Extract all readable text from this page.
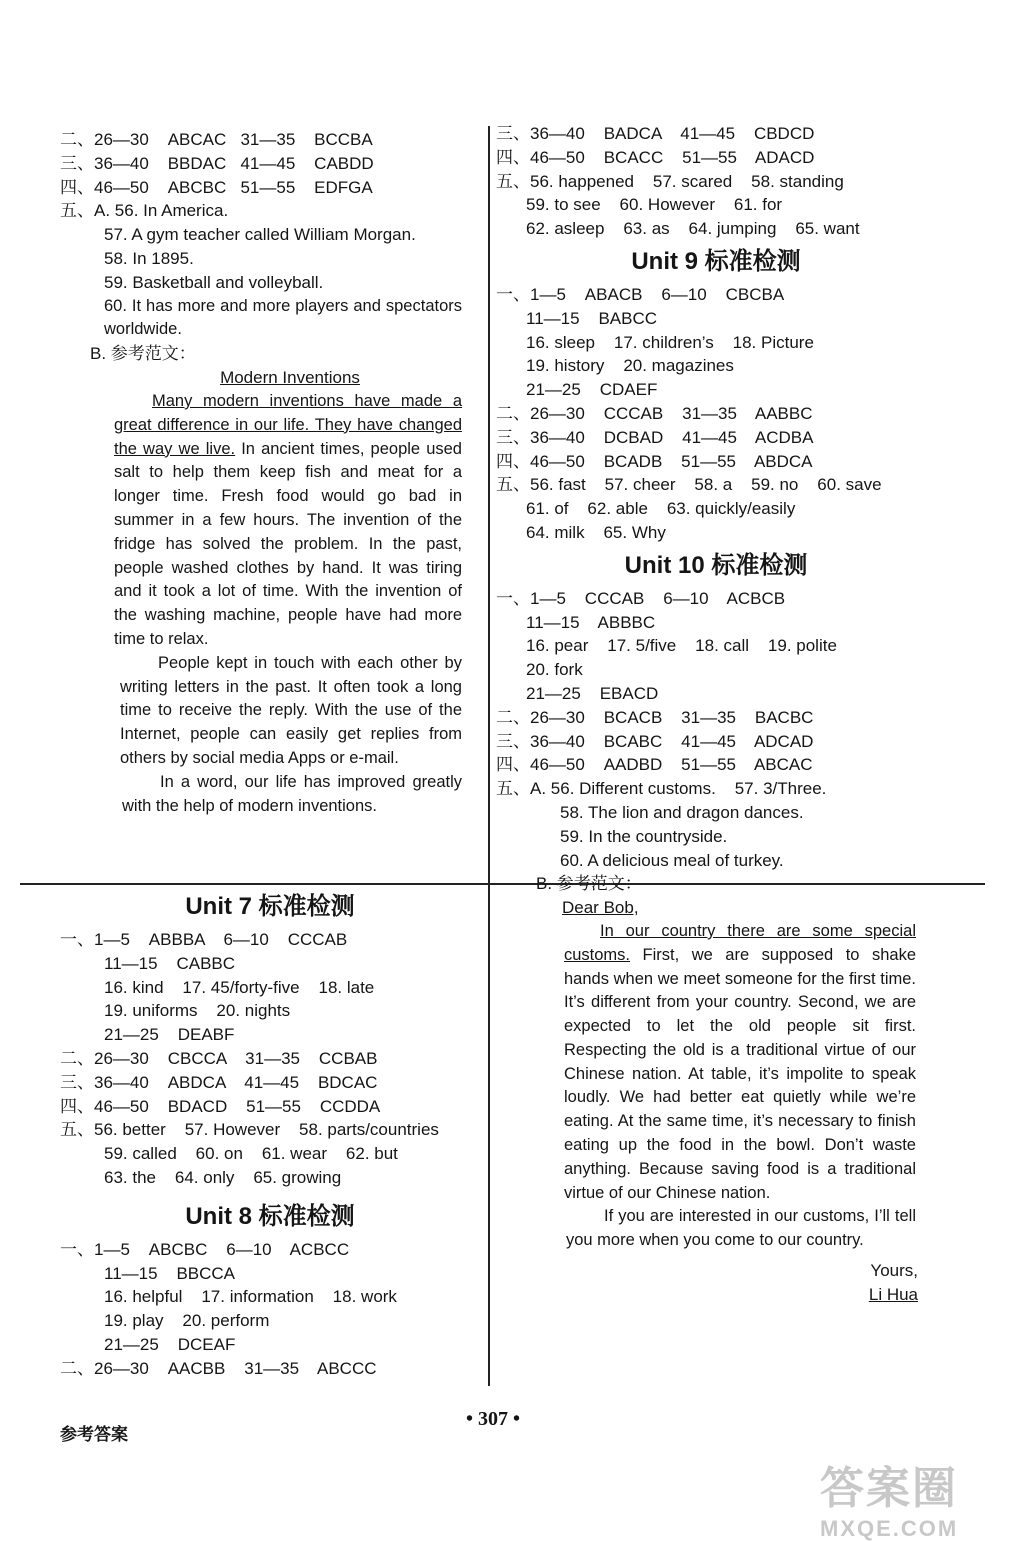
二、26—30    ABCAC   31—35    BCCBA
三、36—40    BBDAC   41—45    CABDD
四、46—50    ABCBC   51—55    EDFGA
五、A. 56. In America.
57. A gym teacher called William Morgan.
58. In 1895.
59. Basketball and volleyball.
60. It has more and more players and spectators worldwide.
B. 参考范文：
Modern Inventions
Many modern inventions have made a great difference in our life. They have changed the way we live. In ancient times, people used salt to help them keep fish and meat for a longer time. Fresh food would go bad in summer in a few hours. The invention of the fridge has solved the problem. In the past, people washed clothes by hand. It was tiring and it took a lot of time. With the invention of the washing machine, people have had more time to relax.
People kept in touch with each other by writing letters in the past. It often took a long time to receive the reply. With the use of the Internet, people can easily get replies from others by social media Apps or e-mail.
In a word, our life has improved greatly with the help of modern inventions.
Unit 7 标准检测
一、1—5    ABBBA    6—10    CCCAB
11—15    CABBC
16. kind    17. 45/forty-five    18. late
19. uniforms    20. nights
21—25    DEABF
二、26—30    CBCCA    31—35    CCBAB
三、36—40    ABDCA    41—45    BDCAC
四、46—50    BDACD    51—55    CCDDA
五、56. better    57. However    58. parts/countries
59. called    60. on    61. wear    62. but
63. the    64. only    65. growing
Unit 8 标准检测
一、1—5    ABCBC    6—10    ACBCC
11—15    BBCCA
16. helpful    17. information    18. work
19. play    20. perform
21—25    DCEAF
二、26—30    AACBB    31—35    ABCCC
三、36—40    BADCA    41—45    CBDCD
四、46—50    BCACC    51—55    ADACD
五、56. happened    57. scared    58. standing
59. to see    60. However    61. for
62. asleep    63. as    64. jumping    65. want
Unit 9 标准检测
一、1—5    ABACB    6—10    CBCBA
11—15    BABCC
16. sleep    17. children’s    18. Picture
19. history    20. magazines
21—25    CDAEF
二、26—30    CCCAB    31—35    AABBC
三、36—40    DCBAD    41—45    ACDBA
四、46—50    BCADB    51—55    ABDCA
五、56. fast    57. cheer    58. a    59. no    60. save
61. of    62. able    63. quickly/easily
64. milk    65. Why
Unit 10 标准检测
一、1—5    CCCAB    6—10    ACBCB
11—15    ABBBC
16. pear    17. 5/five    18. call    19. polite
20. fork
21—25    EBACD
二、26—30    BCACB    31—35    BACBC
三、36—40    BCABC    41—45    ADCAD
四、46—50    AADBD    51—55    ABCAC
五、A. 56. Different customs.    57. 3/Three.
58. The lion and dragon dances.
59. In the countryside.
60. A delicious meal of turkey.
B. 参考范文：
Dear Bob,
In our country there are some special customs. First, we are supposed to shake hands when we meet someone for the first time. It’s different from your country. Second, we are expected to let the old people sit first. Respecting the old is a traditional virtue of our Chinese nation. At table, it’s impolite to speak loudly. We had better eat quietly while we’re eating. At the same time, it’s necessary to finish eating up the food in the bowl. Don’t waste anything. Because saving food is a traditional virtue of our Chinese nation.
If you are interested in our customs, I’ll tell you more when you come to our country.
Yours,
Li Hua
参考答案
• 307 •
答案圈
MXQE.COM
